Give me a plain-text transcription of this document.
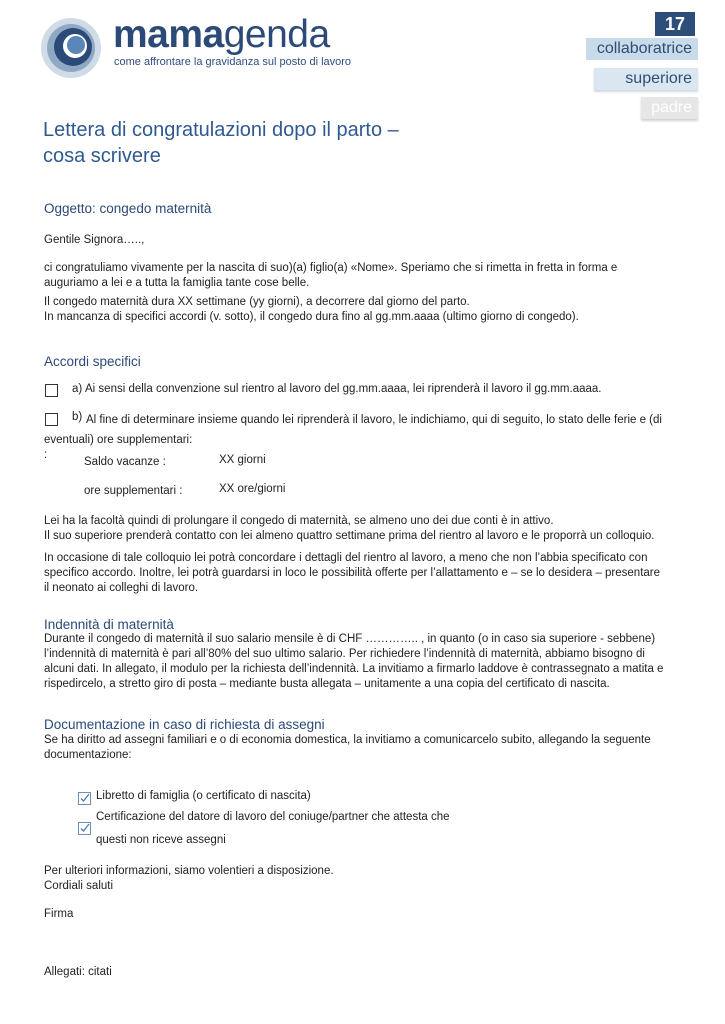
mamagenda
come affrontare la gravidanza sul posto di lavoro
17
collaboratrice
superiore
padre
Lettera di congratulazioni dopo il parto –
cosa scrivere
Oggetto: congedo maternità
Gentile Signora…..,
ci congratuliamo vivamente per la nascita di suo)(a) figlio(a) «Nome». Speriamo che si rimetta in fretta in forma e
auguriamo a lei e a tutta la famiglia tante cose belle.
Il congedo maternità dura XX settimane (yy giorni), a decorrere dal giorno del parto.
In mancanza di specifici accordi (v. sotto), il congedo dura fino al gg.mm.aaaa (ultimo giorno di congedo).
Accordi specifici
a) Ai sensi della convenzione sul rientro al lavoro del gg.mm.aaaa, lei riprenderà il lavoro il gg.mm.aaaa.
b) Al fine di determinare insieme quando lei riprenderà il lavoro, le indichiamo, qui di seguito, lo stato delle ferie e (di
eventuali) ore supplementari:
:
Saldo vacanze :	XX giorni
ore supplementari :	XX ore/giorni
Lei ha la facoltà quindi di prolungare il congedo di maternità, se almeno uno dei due conti è in attivo.
Il suo superiore prenderà contatto con lei almeno quattro settimane prima del rientro al lavoro e le proporrà un colloquio.
In occasione di tale colloquio lei potrà concordare i dettagli del rientro al lavoro, a meno che non l’abbia specificato con
specifico accordo. Inoltre, lei potrà guardarsi in loco le possibilità offerte per l’allattamento e – se lo desidera – presentare
il neonato ai colleghi di lavoro.
Indennità di maternità
Durante il congedo di maternità il suo salario mensile è di CHF ………….. , in quanto (o in caso sia superiore - sebbene)
l’indennità di maternità è pari all’80% del suo ultimo salario. Per richiedere l’indennità di maternità, abbiamo bisogno di
alcuni dati. In allegato, il modulo per la richiesta dell’indennità. La invitiamo a firmarlo laddove è contrassegnato a matita e
rispedircelo, a stretto giro di posta – mediante busta allegata – unitamente a una copia del certificato di nascita.
Documentazione in caso di richiesta di assegni
Se ha diritto ad assegni familiari e o di economia domestica, la invitiamo a comunicarcelo subito, allegando la seguente
documentazione:
Libretto di famiglia (o certificato di nascita)
Certificazione del datore di lavoro del coniuge/partner che attesta che
questi non riceve assegni
Per ulteriori informazioni, siamo volentieri a disposizione.
Cordiali saluti
Firma
Allegati: citati
